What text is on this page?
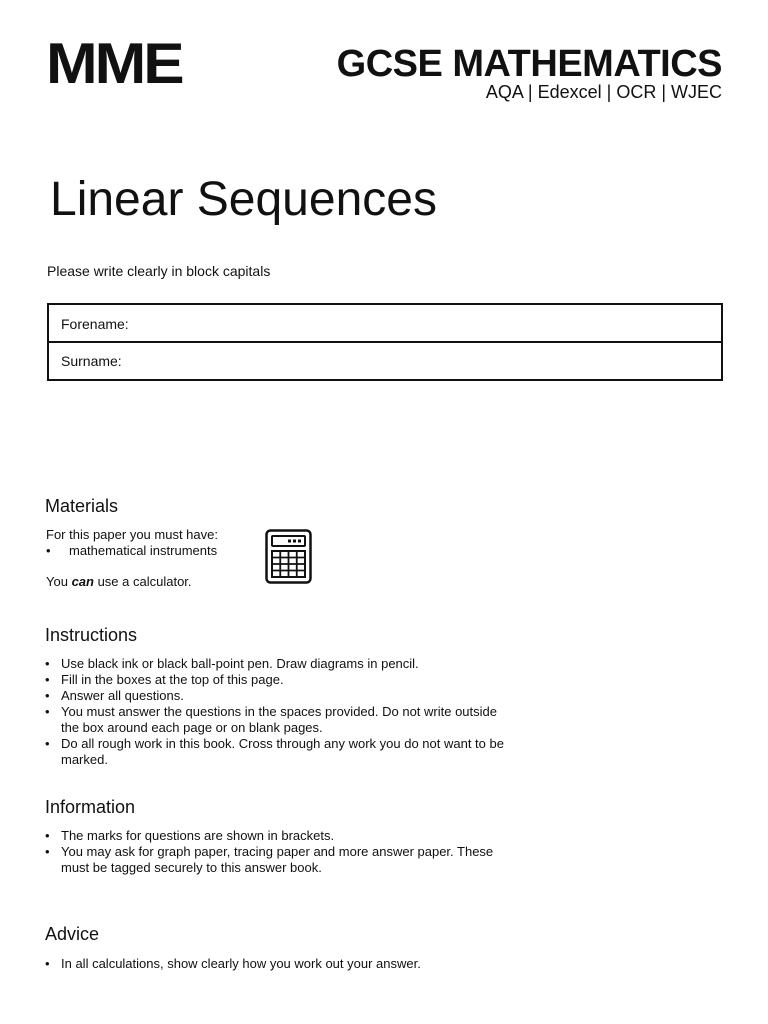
MME	GCSE MATHEMATICS
AQA | Edexcel | OCR | WJEC
Linear Sequences
Please write clearly in block capitals
Forename:
Surname:
Materials
For this paper you must have:
• mathematical instruments
You can use a calculator.
Instructions
• Use black ink or black ball-point pen. Draw diagrams in pencil.
• Fill in the boxes at the top of this page.
• Answer all questions.
• You must answer the questions in the spaces provided. Do not write outside the box around each page or on blank pages.
• Do all rough work in this book. Cross through any work you do not want to be marked.
Information
• The marks for questions are shown in brackets.
• You may ask for graph paper, tracing paper and more answer paper. These must be tagged securely to this answer book.
Advice
• In all calculations, show clearly how you work out your answer.
